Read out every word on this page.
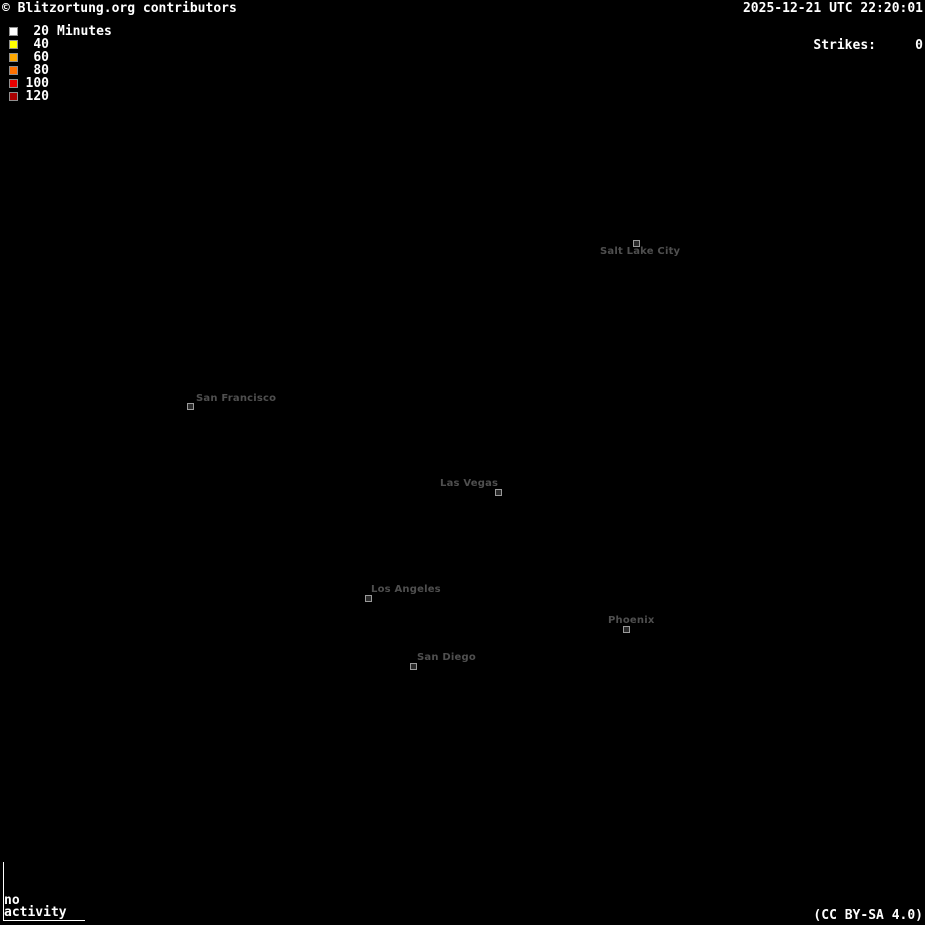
Salt Lake City
San Francisco
Las Vegas
Los Angeles
Phoenix
San Diego
© Blitzortung.org contributors	2025-12-21 UTC 22:20:01

Strikes:	0

20 Minutes
40
60
80
100
120
no
activity	(CC BY-SA 4.0)
